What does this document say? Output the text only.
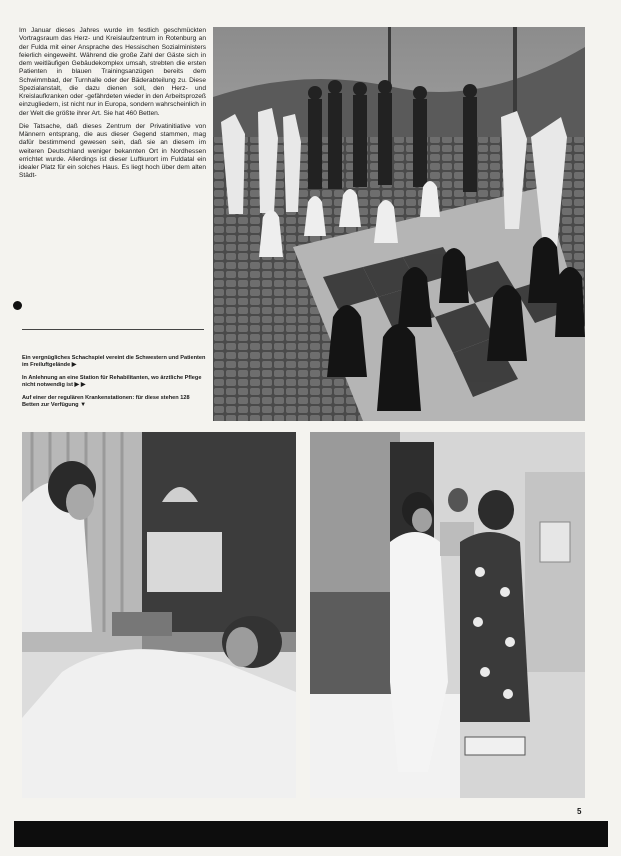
Im Januar dieses Jahres wurde im festlich geschmückten Vortragsraum das Herz- und Kreislaufzentrum in Rotenburg an der Fulda mit einer Ansprache des Hessischen Sozialministers feierlich eingeweiht. Während die große Zahl der Gäste sich in dem weitläufigen Gebäudekomplex umsah, strebten die ersten Patienten in blauen Trainingsanzügen bereits dem Schwimmbad, der Turnhalle oder der Bäderabteilung zu. Diese Spezialanstalt, die dazu dienen soll, den Herz- und Kreislaufkranken oder -gefährdeten wieder in den Arbeitsprozeß einzugliedern, ist nicht nur in Europa, sondern wahrscheinlich in der Welt die größte ihrer Art. Sie hat 460 Betten.

Die Tatsache, daß dieses Zentrum der Privatinitiative von Männern entsprang, die aus dieser Gegend stammen, mag dafür bestimmend gewesen sein, daß sie an diesem im weiteren Deutschland weniger bekannten Ort in Nordhessen errichtet wurde. Allerdings ist dieser Luftkurort im Fuldatal ein idealer Platz für ein solches Haus. Es liegt hoch über dem alten Städt-

Ein vergnügliches Schachspiel vereint die Schwestern und Patienten im Freiluftgelände ▶

In Anlehnung an eine Station für Rehabilitanten, wo ärztliche Pflege nicht notwendig ist ▶ ▶

Auf einer der regulären Krankenstationen: für diese stehen 128 Betten zur Verfügung ▼

5
